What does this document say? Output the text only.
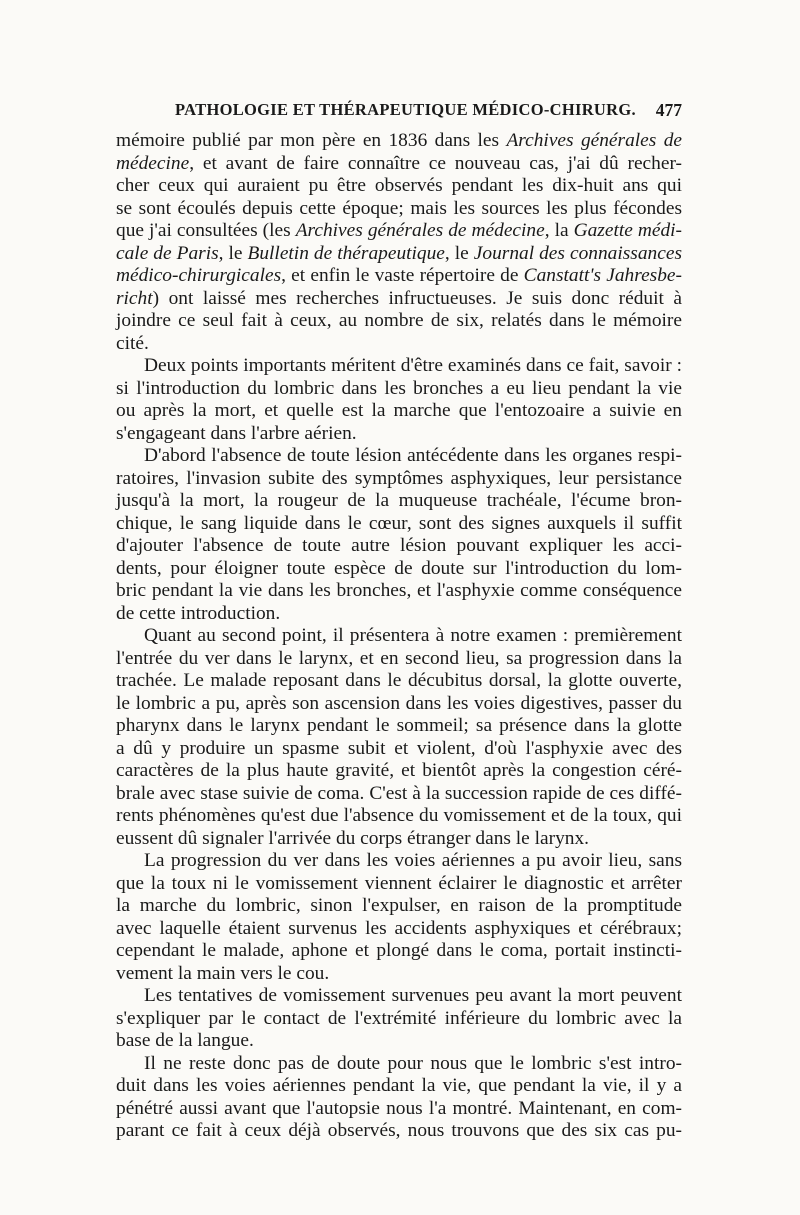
PATHOLOGIE ET THÉRAPEUTIQUE MÉDICO-CHIRURG. 477
mémoire publié par mon père en 1836 dans les Archives générales de
médecine, et avant de faire connaître ce nouveau cas, j'ai dû recher-
cher ceux qui auraient pu être observés pendant les dix-huit ans qui
se sont écoulés depuis cette époque; mais les sources les plus fécondes
que j'ai consultées (les Archives générales de médecine, la Gazette médi-
cale de Paris, le Bulletin de thérapeutique, le Journal des connaissances
médico-chirurgicales, et enfin le vaste répertoire de Canstatt's Jahresbe-
richt) ont laissé mes recherches infructueuses. Je suis donc réduit à
joindre ce seul fait à ceux, au nombre de six, relatés dans le mémoire
cité.
Deux points importants méritent d'être examinés dans ce fait, savoir :
si l'introduction du lombric dans les bronches a eu lieu pendant la vie
ou après la mort, et quelle est la marche que l'entozoaire a suivie en
s'engageant dans l'arbre aérien.
D'abord l'absence de toute lésion antécédente dans les organes respi-
ratoires, l'invasion subite des symptômes asphyxiques, leur persistance
jusqu'à la mort, la rougeur de la muqueuse trachéale, l'écume bron-
chique, le sang liquide dans le cœur, sont des signes auxquels il suffit
d'ajouter l'absence de toute autre lésion pouvant expliquer les acci-
dents, pour éloigner toute espèce de doute sur l'introduction du lom-
bric pendant la vie dans les bronches, et l'asphyxie comme conséquence
de cette introduction.
Quant au second point, il présentera à notre examen : premièrement
l'entrée du ver dans le larynx, et en second lieu, sa progression dans la
trachée. Le malade reposant dans le décubitus dorsal, la glotte ouverte,
le lombric a pu, après son ascension dans les voies digestives, passer du
pharynx dans le larynx pendant le sommeil; sa présence dans la glotte
a dû y produire un spasme subit et violent, d'où l'asphyxie avec des
caractères de la plus haute gravité, et bientôt après la congestion céré-
brale avec stase suivie de coma. C'est à la succession rapide de ces diffé-
rents phénomènes qu'est due l'absence du vomissement et de la toux, qui
eussent dû signaler l'arrivée du corps étranger dans le larynx.
La progression du ver dans les voies aériennes a pu avoir lieu, sans
que la toux ni le vomissement viennent éclairer le diagnostic et arrêter
la marche du lombric, sinon l'expulser, en raison de la promptitude
avec laquelle étaient survenus les accidents asphyxiques et cérébraux;
cependant le malade, aphone et plongé dans le coma, portait instincti-
vement la main vers le cou.
Les tentatives de vomissement survenues peu avant la mort peuvent
s'expliquer par le contact de l'extrémité inférieure du lombric avec la
base de la langue.
Il ne reste donc pas de doute pour nous que le lombric s'est intro-
duit dans les voies aériennes pendant la vie, que pendant la vie, il y a
pénétré aussi avant que l'autopsie nous l'a montré. Maintenant, en com-
parant ce fait à ceux déjà observés, nous trouvons que des six cas pu-
